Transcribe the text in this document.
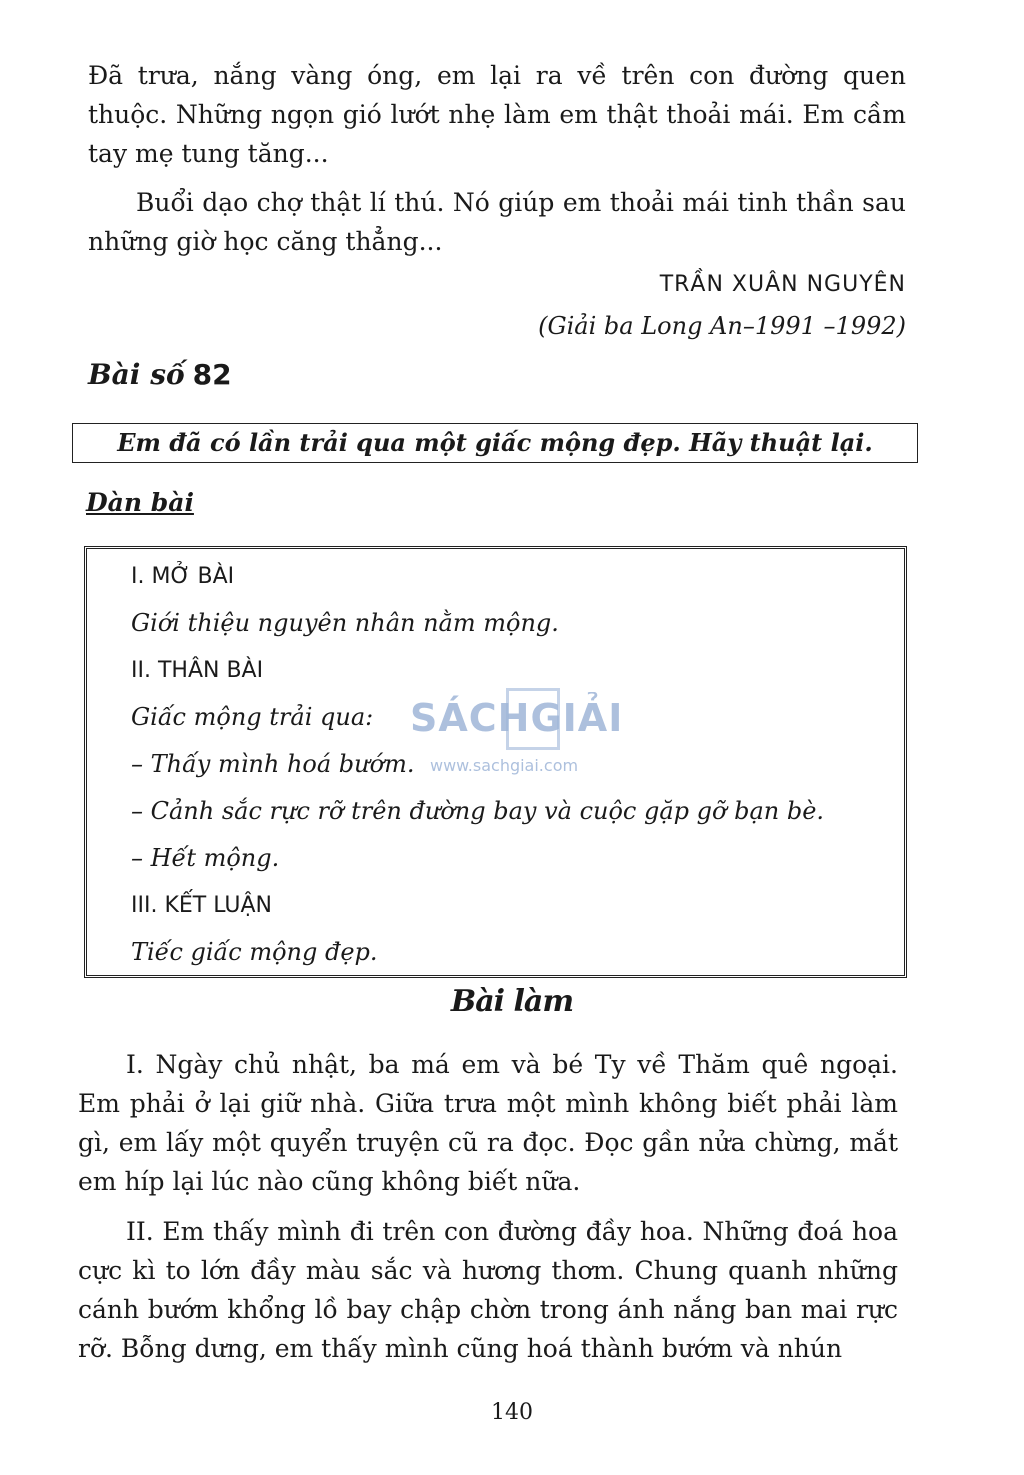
Đã trưa, nắng vàng óng, em lại ra về trên con đường quen thuộc. Những ngọn gió lướt nhẹ làm em thật thoải mái. Em cầm tay mẹ tung tăng...

Buổi dạo chợ thật lí thú. Nó giúp em thoải mái tinh thần sau những giờ học căng thẳng...

TRẦN XUÂN NGUYÊN
(Giải ba Long An–1991 –1992)
Bài số 82
Em đã có lần trải qua một giấc mộng đẹp. Hãy thuật lại.
Dàn bài

I. MỞ BÀI

Giới thiệu nguyên nhân nằm mộng.

II. THÂN BÀI

Giấc mộng trải qua:

– Thấy mình hoá bướm.

– Cảnh sắc rực rỡ trên đường bay và cuộc gặp gỡ bạn bè.

– Hết mộng.

III. KẾT LUẬN

Tiếc giấc mộng đẹp.

SÁCHGIẢI
www.sachgiai.com
Bài làm

I. Ngày chủ nhật, ba má em và bé Ty về Thăm quê ngoại. Em phải ở lại giữ nhà. Giữa trưa một mình không biết phải làm gì, em lấy một quyển truyện cũ ra đọc. Đọc gần nửa chừng, mắt em híp lại lúc nào cũng không biết nữa.

II. Em thấy mình đi trên con đường đầy hoa. Những đoá hoa cực kì to lớn đầy màu sắc và hương thơm. Chung quanh những cánh bướm khổng lồ bay chập chờn trong ánh nắng ban mai rực rỡ. Bỗng dưng, em thấy mình cũng hoá thành bướm và nhún

140
